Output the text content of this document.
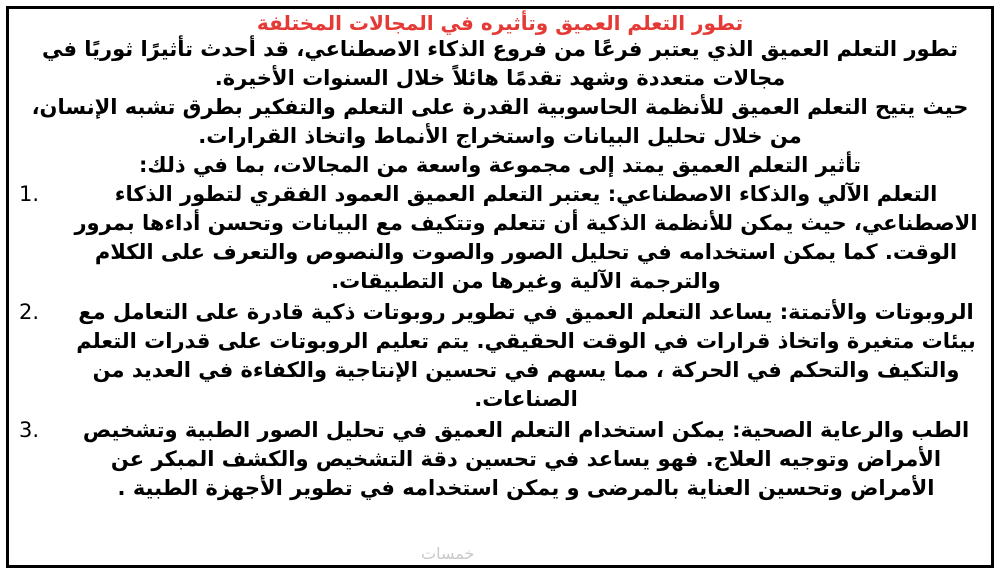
تطور التعلم العميق وتأثيره في المجالات المختلفة

تطور التعلم العميق الذي يعتبر فرعًا من فروع الذكاء الاصطناعي، قد أحدث تأثيرًا ثوريًا في مجالات متعددة وشهد تقدمًا هائلاً خلال السنوات الأخيرة.

حيث يتيح التعلم العميق للأنظمة الحاسوبية القدرة على التعلم والتفكير بطرق تشبه الإنسان، من خلال تحليل البيانات واستخراج الأنماط واتخاذ القرارات.

تأثير التعلم العميق يمتد إلى مجموعة واسعة من المجالات، بما في ذلك:

1.	التعلم الآلي والذكاء الاصطناعي: يعتبر التعلم العميق العمود الفقري لتطور الذكاء الاصطناعي، حيث يمكن للأنظمة الذكية أن تتعلم وتتكيف مع البيانات وتحسن أداءها بمرور الوقت. كما يمكن استخدامه في تحليل الصور والصوت والنصوص والتعرف على الكلام والترجمة الآلية وغيرها من التطبيقات.
2.	الروبوتات والأتمتة: يساعد التعلم العميق في تطوير روبوتات ذكية قادرة على التعامل مع بيئات متغيرة واتخاذ قرارات في الوقت الحقيقي. يتم تعليم الروبوتات على قدرات التعلم والتكيف والتحكم في الحركة ، مما يسهم في تحسين الإنتاجية والكفاءة في العديد من الصناعات.
3.	الطب والرعاية الصحية: يمكن استخدام التعلم العميق في تحليل الصور الطبية وتشخيص الأمراض وتوجيه العلاج. فهو يساعد في تحسين دقة التشخيص والكشف المبكر عن الأمراض وتحسين العناية بالمرضى و يمكن استخدامه في تطوير الأجهزة الطبية .
خمسات
